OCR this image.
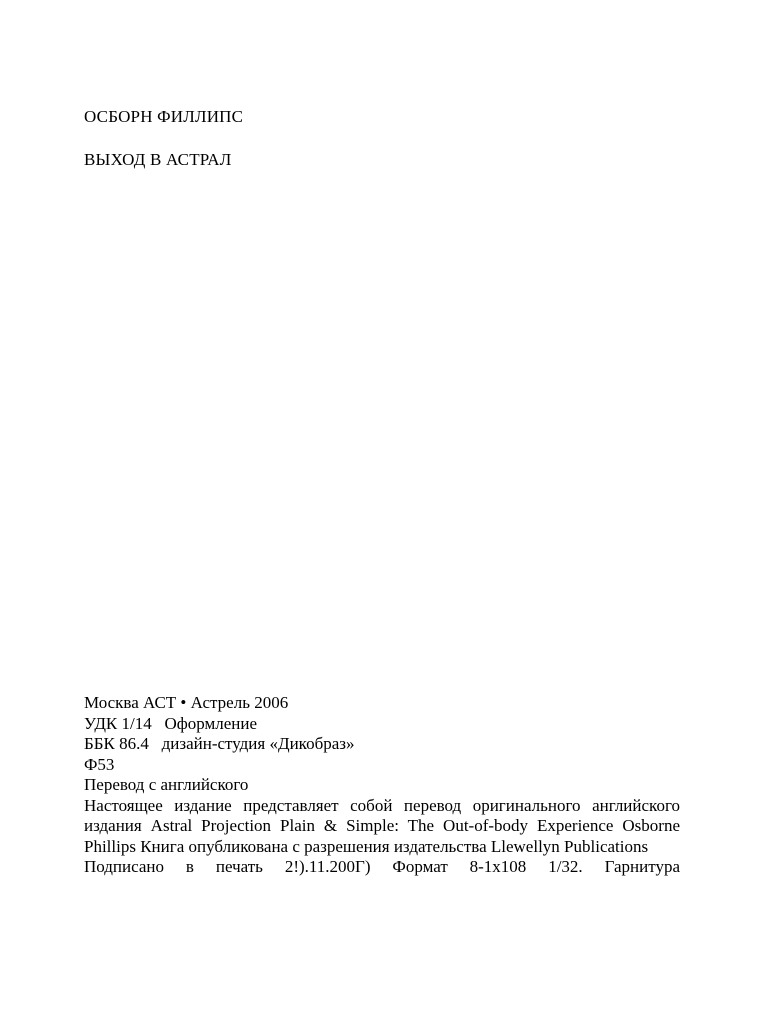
ОСБОРН ФИЛЛИПС

ВЫХОД В АСТРАЛ

Москва АСТ • Астрель 2006

УДК 1/14   Оформление

ББК 86.4   дизайн-студия «Дикобраз»

Ф53

Перевод с английского

Настоящее издание представляет собой перевод оригинального английского издания Astral Projection Plain & Simple: The Out-of-body Experience Osborne Phillips Книга опубликована с разрешения издательства Llewellyn Publications

Подписано в печать 2!).11.200Г) Формат 8-1x108 1/32. Гарнитура
